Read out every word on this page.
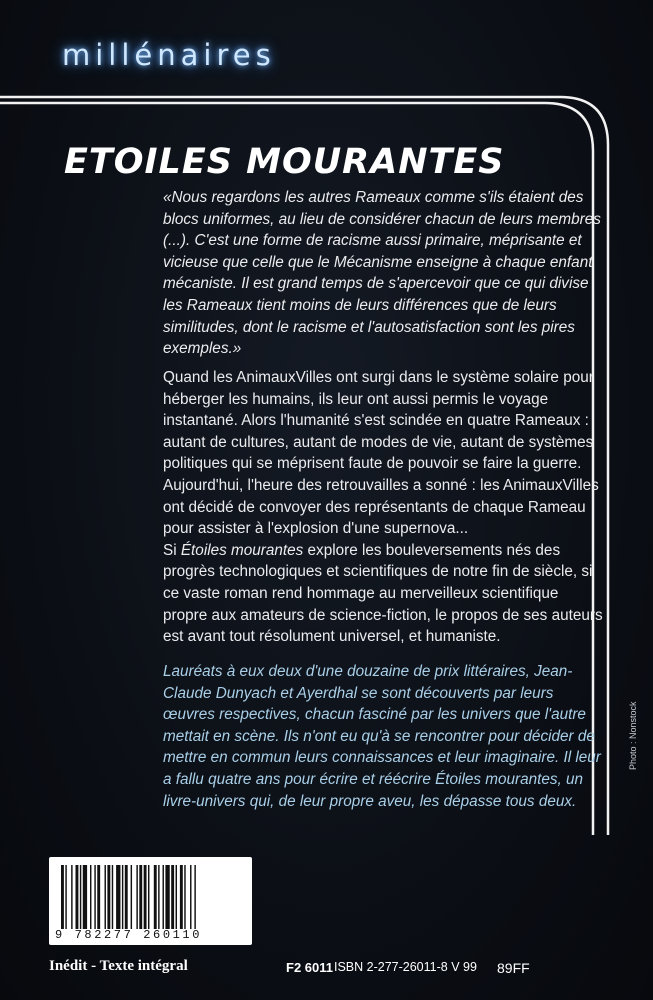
millénaires
ETOILES MOURANTES
«Nous regardons les autres Rameaux comme s'ils étaient des blocs uniformes, au lieu de considérer chacun de leurs membres (...). C'est une forme de racisme aussi primaire, méprisante et vicieuse que celle que le Mécanisme enseigne à chaque enfant mécaniste. Il est grand temps de s'apercevoir que ce qui divise les Rameaux tient moins de leurs différences que de leurs similitudes, dont le racisme et l'autosatisfaction sont les pires exemples.»

Quand les AnimauxVilles ont surgi dans le système solaire pour héberger les humains, ils leur ont aussi permis le voyage instantané. Alors l'humanité s'est scindée en quatre Rameaux : autant de cultures, autant de modes de vie, autant de systèmes politiques qui se méprisent faute de pouvoir se faire la guerre.

Aujourd'hui, l'heure des retrouvailles a sonné : les AnimauxVilles ont décidé de convoyer des représentants de chaque Rameau pour assister à l'explosion d'une supernova...

Si Étoiles mourantes explore les bouleversements nés des progrès technologiques et scientifiques de notre fin de siècle, si ce vaste roman rend hommage au merveilleux scientifique propre aux amateurs de science-fiction, le propos de ses auteurs est avant tout résolument universel, et humaniste.

Lauréats à eux deux d'une douzaine de prix littéraires, Jean-Claude Dunyach et Ayerdhal se sont découverts par leurs œuvres respectives, chacun fasciné par les univers que l'autre mettait en scène. Ils n'ont eu qu'à se rencontrer pour décider de mettre en commun leurs connaissances et leur imaginaire. Il leur a fallu quatre ans pour écrire et réécrire Étoiles mourantes, un livre-univers qui, de leur propre aveu, les dépasse tous deux.
Photo : Nonstock
9 782277 260110
Inédit - Texte intégral	F2 6011 ISBN 2-277-26011-8 V 99 89FF
